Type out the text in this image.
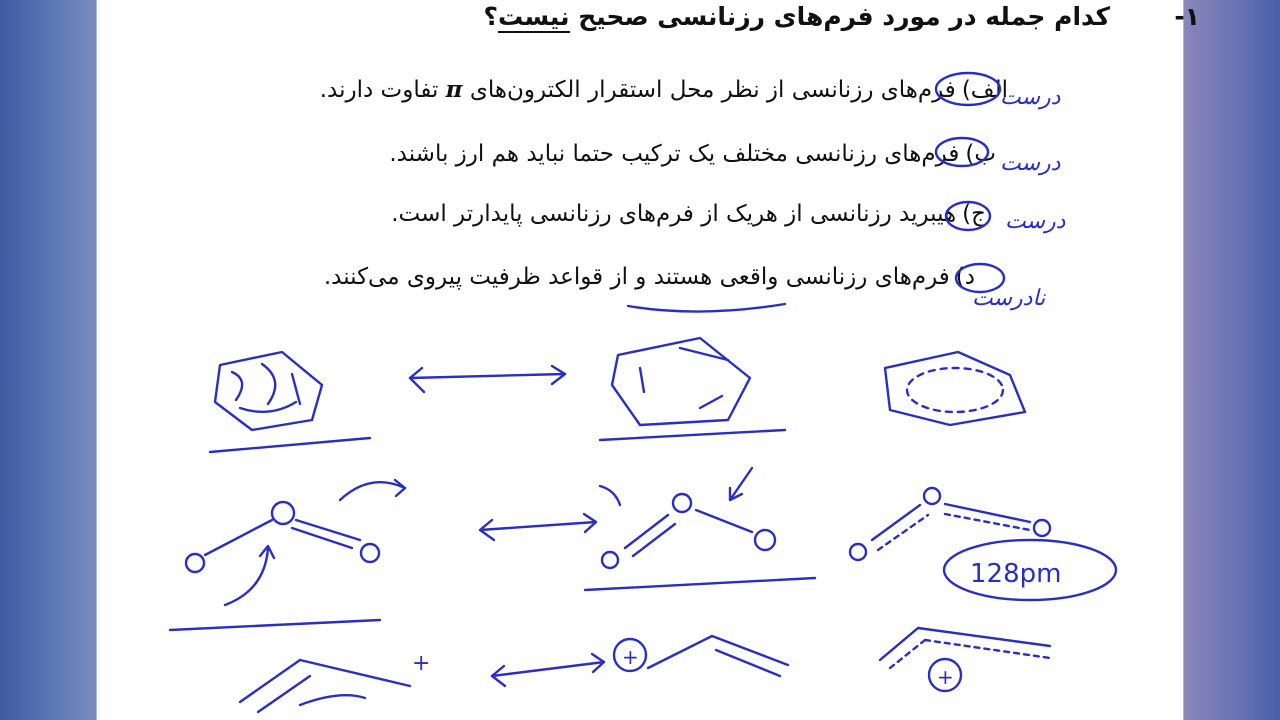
-۱
کدام جمله در مورد فرم‌های رزنانسی صحیح نیست؟
الف)فرم‌های رزنانسی از نظر محل استقرار الکترون‌های π تفاوت دارند.
ب)فرم‌های رزنانسی مختلف یک ترکیب حتما نباید هم ارز باشند.
ج)هیبرید رزنانسی از هریک از فرم‌های رزنانسی پایدارتر است.
د)فرم‌های رزنانسی واقعی هستند و از قواعد ظرفیت پیروی می‌کنند.
درست
درست
درست
نادرست
128pm
+	+
+
